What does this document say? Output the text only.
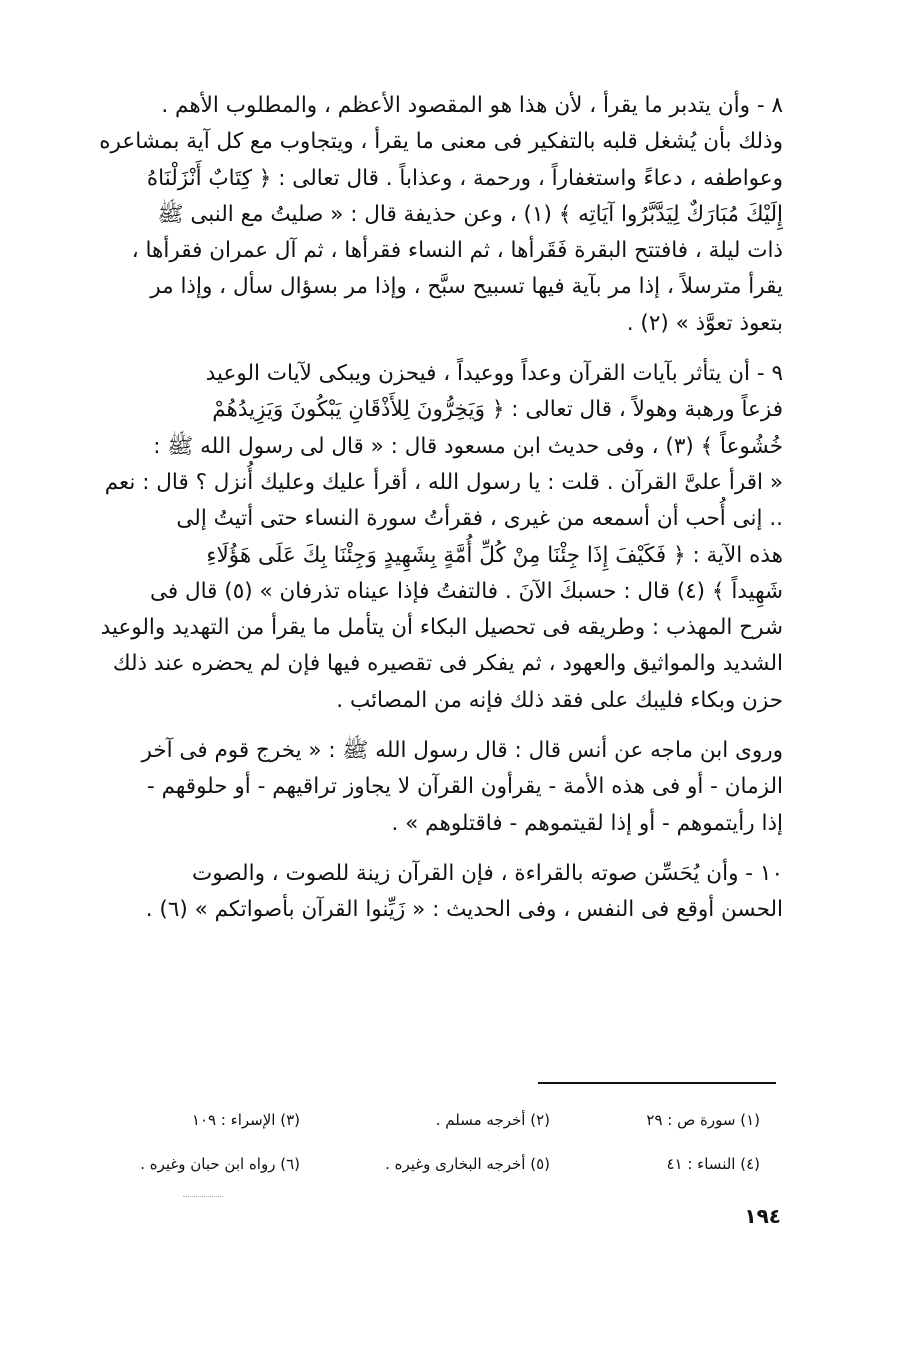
٨ - وأن يتدبر ما يقرأ ، لأن هذا هو المقصود الأعظم ، والمطلوب الأهم .

وذلك بأن يُشغل قلبه بالتفكير فى معنى ما يقرأ ، ويتجاوب مع كل آية بمشاعره

وعواطفه ، دعاءً واستغفاراً ، ورحمة ، وعذاباً . قال تعالى : ﴿ كِتَابٌ أَنْزَلْنَاهُ

إِلَيْكَ مُبَارَكٌ لِيَدَّبَّرُوا آيَاتِه ﴾ (١) ، وعن حذيفة قال : « صليتُ مع النبى ﷺ

ذات ليلة ، فافتتح البقرة فَقَرأها ، ثم النساء فقرأها ، ثم آل عمران فقرأها ،

يقرأ مترسلاً ، إذا مر بآية فيها تسبيح سبَّح ، وإذا مر بسؤال سأل ، وإذا مر

بتعوذ تعوَّذ » (٢) .

٩ - أن يتأثر بآيات القرآن وعداً ووعيداً ، فيحزن ويبكى لآيات الوعيد

فزعاً ورهبة وهولاً ، قال تعالى : ﴿ وَيَخِرُّونَ لِلأَذْقَانِ يَبْكُونَ وَيَزِيدُهُمْ

خُشُوعاً ﴾ (٣) ، وفى حديث ابن مسعود قال : « قال لى رسول الله ﷺ :

« اقرأ علىَّ القرآن . قلت : يا رسول الله ، أقرأ عليك وعليك أُنزل ؟ قال : نعم

.. إنى أُحب أن أسمعه من غيرى ، فقرأتُ سورة النساء حتى أتيتُ إلى

هذه الآية : ﴿ فَكَيْفَ إِذَا جِئْنَا مِنْ كُلِّ أُمَّةٍ بِشَهِيدٍ وَجِئْنَا بِكَ عَلَى هَؤُلَاءِ

شَهِيداً ﴾ (٤) قال : حسبكَ الآنَ . فالتفتُ فإذا عيناه تذرفان » (٥) قال فى

شرح المهذب : وطريقه فى تحصيل البكاء أن يتأمل ما يقرأ من التهديد والوعيد

الشديد والمواثيق والعهود ، ثم يفكر فى تقصيره فيها فإن لم يحضره عند ذلك

حزن وبكاء فليبك على فقد ذلك فإنه من المصائب .

وروى ابن ماجه عن أنس قال : قال رسول الله ﷺ : « يخرج قوم فى آخر

الزمان - أو فى هذه الأمة - يقرأون القرآن لا يجاوز تراقيهم - أو حلوقهم -

إذا رأيتموهم - أو إذا لقيتموهم - فاقتلوهم » .

١٠ - وأن يُحَسِّن صوته بالقراءة ، فإن القرآن زينة للصوت ، والصوت

الحسن أوقع فى النفس ، وفى الحديث : « زَيِّنوا القرآن بأصواتكم » (٦) .

(١) سورة ص : ٢٩
(٢) أخرجه مسلم .
(٣) الإسراء : ١٠٩
(٤) النساء : ٤١
(٥) أخرجه البخارى وغيره .
(٦) رواه ابن حبان وغيره .
١٩٤
